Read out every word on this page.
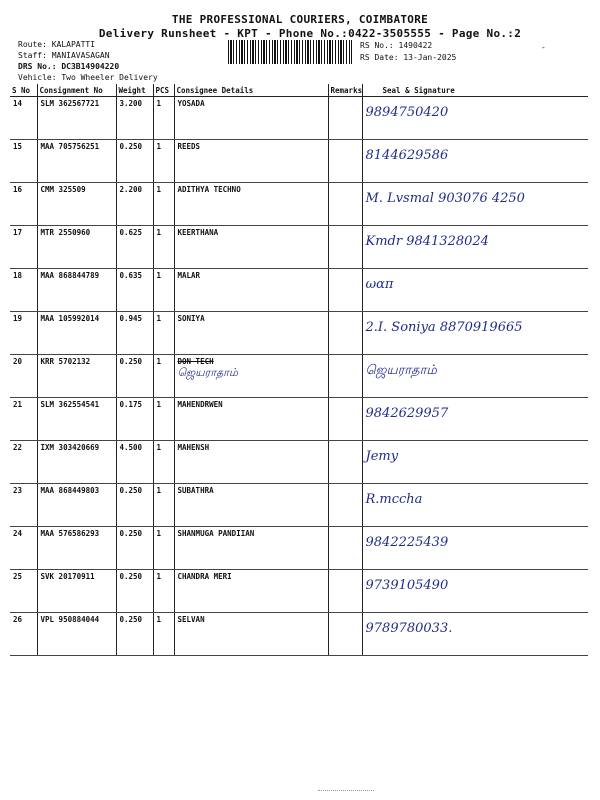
THE PROFESSIONAL COURIERS, COIMBATORE
Delivery Runsheet - KPT - Phone No.:0422-3505555 - Page No.:2
Route: KALAPATTI
Staff: MANIAVASAGAN
DRS No.: DC3B14904220
Vehicle: Two Wheeler Delivery
RS No.: 1490422
RS Date: 13-Jan-2025
-
S No	Consignment No	Weight	PCS	Consignee Details	Remarks	Seal & Signature
14	SLM 362567721	3.200	1	YOSADA		9894750420

15	MAA 705756251	0.250	1	REEDS		8144629586

16	CMM 325509	2.200	1	ADITHYA TECHNO		M. Lvsmal 903076 4250

17	MTR 2550960	0.625	1	KEERTHANA		Kmdr 9841328024

18	MAA 868844789	0.635	1	MALAR		ωαπ

19	MAA 105992014	0.945	1	SONIYA		2.I. Soniya 8870919665

20	KRR 5702132	0.250	1	DON TECH
ஜெயராதாம்		ஜெயராதாம்

21	SLM 362554541	0.175	1	MAHENDRWEN		9842629957

22	IXM 303420669	4.500	1	MAHENSH		Jemy

23	MAA 868449803	0.250	1	SUBATHRA		R.mccha

24	MAA 576586293	0.250	1	SHANMUGA PANDIIAN		9842225439

25	SVK 20170911	0.250	1	CHANDRA MERI		9739105490

26	VPL 950884044	0.250	1	SELVAN		9789780033.
